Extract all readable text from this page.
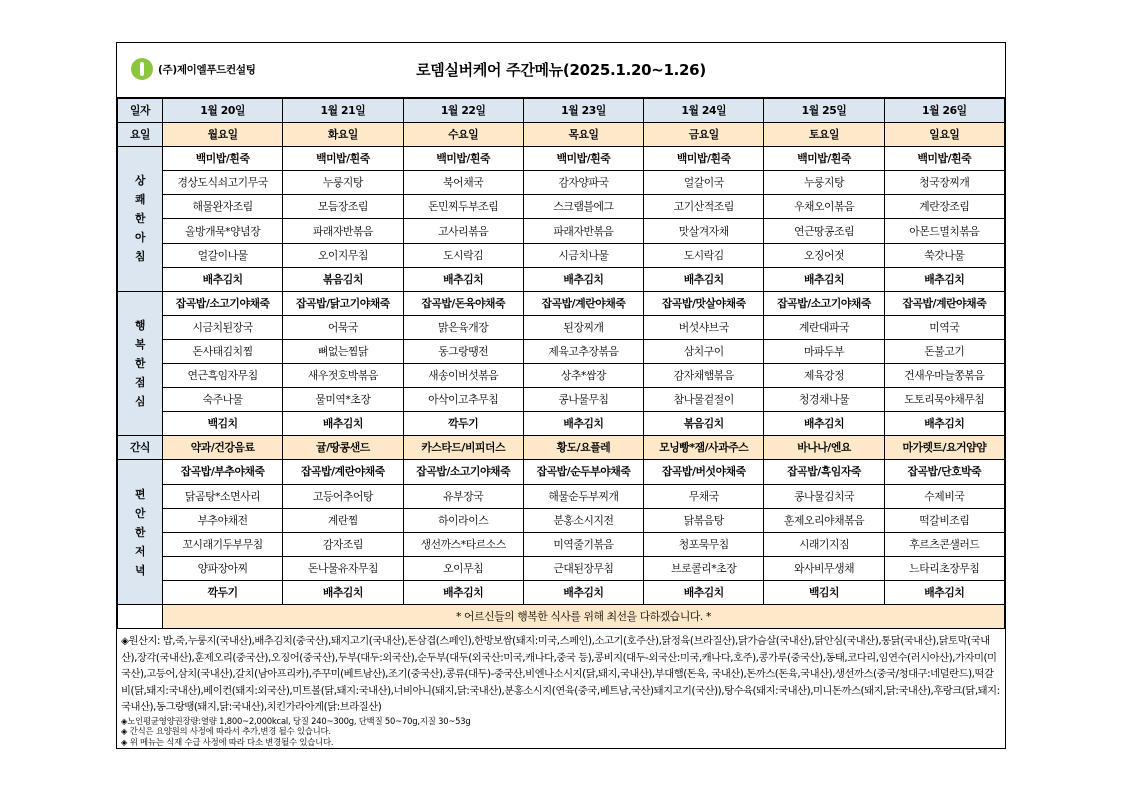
(주)제이엘푸드컨설팅	로뎀실버케어 주간메뉴(2025.1.20~1.26)
일자	1월 20일	1월 21일	1월 22일	1월 23일	1월 24일	1월 25일	1월 26일
요일	월요일	화요일	수요일	목요일	금요일	토요일	일요일
상
쾌
한
아
침	백미밥/흰죽	백미밥/흰죽	백미밥/흰죽	백미밥/흰죽	백미밥/흰죽	백미밥/흰죽	백미밥/흰죽
	경상도식쇠고기무국	누룽지탕	북어채국	감자양파국	얼갈이국	누룽지탕	청국장찌개
	해물완자조림	모듬장조림	돈민찌두부조림	스크램블에그	고기산적조림	우채오이볶음	계란장조림
	올방개묵*양념장	파래자반볶음	고사리볶음	파래자반볶음	맛살겨자채	연근땅콩조림	아몬드멸치볶음
	얼갈이나물	오이지무침	도시락김	시금치나물	도시락김	오징어젓	쑥갓나물
	배추김치	볶음김치	배추김치	배추김치	배추김치	배추김치	배추김치
행
복
한
점
심	잡곡밥/소고기야채죽	잡곡밥/닭고기야채죽	잡곡밥/돈육야채죽	잡곡밥/계란야채죽	잡곡밥/맛살야채죽	잡곡밥/소고기야채죽	잡곡밥/계란야채죽
	시금치된장국	어묵국	맑은육개장	된장찌개	버섯샤브국	계란대파국	미역국
	돈사태김치찜	뼈없는찜닭	동그랑땡전	제육고추장볶음	삼치구이	마파두부	돈불고기
	연근흑임자무침	새우젓호박볶음	새송이버섯볶음	상추*쌈장	감자채햄볶음	제육강정	건새우마늘쫑볶음
	숙주나물	물미역*초장	아삭이고추무침	콩나물무침	참나물겉절이	청경채나물	도토리묵야채무침
	백김치	배추김치	깍두기	배추김치	볶음김치	배추김치	배추김치
간식	약과/건강음료	귤/땅콩샌드	카스타드/비피더스	황도/요플레	모닝빵*잼/사과주스	바나나/엔요	마가렛트/요거얌얌
편
안
한
저
녁	잡곡밥/부추야채죽	잡곡밥/계란야채죽	잡곡밥/소고기야채죽	잡곡밥/순두부야채죽	잡곡밥/버섯야채죽	잡곡밥/흑임자죽	잡곡밥/단호박죽
	닭곰탕*소면사리	고등어추어탕	유부장국	해물순두부찌개	무채국	콩나물김치국	수제비국
	부추야채전	계란찜	하이라이스	분홍소시지전	닭볶음탕	훈제오리야채볶음	떡갈비조림
	꼬시래기두부무침	감자조림	생선까스*타르소스	미역줄기볶음	청포묵무침	시래기지짐	후르츠콘샐러드
	양파장아찌	돈나물유자무침	오이무침	근대된장무침	브로콜리*초장	와사비무생채	느타리초장무침
	깍두기	배추김치	배추김치	배추김치	배추김치	백김치	배추김치
	* 어르신들의 행복한 식사를 위해 최선을 다하겠습니다. *						
◈원산지: 밥,죽,누룽지(국내산),배추김치(중국산),돼지고기(국내산),돈삼겹(스페인),한방보쌈(돼지:미국,스페인),소고기(호주산),닭정육(브라질산),닭가슴살(국내산),닭안심(국내산),통닭(국내산),닭토막(국내산),장각(국내산),훈제오리(중국산),오징어(중국산),두부(대두:외국산),순두부(대두(외국산:미국,캐나다,중국 등),콩비지(대두-외국산:미국,캐나다,호주),콩가루(중국산),동태,코다리,임연수(러시아산),가자미(미국산),고등어,삼치(국내산),갈치(남아프리카),주꾸미(베트남산),조기(중국산),콩류(대두)-중국산,비엔나소시지(닭,돼지,국내산),부대햄(돈육, 국내산),돈까스(돈육,국내산),생선까스(중국/청대구:네덜란드),떡갈비(닭,돼지:국내산),베이컨(돼지:외국산),미트볼(닭,돼지:국내산),너비아니(돼지,닭:국내산),분홍소시지(연육(중국,베트남,국산)돼지고기(국산)),탕수육(돼지:국내산),미니돈까스(돼지,닭:국내산),후랑크(닭,돼지:국내산),동그랑땡(돼지,닭:국내산),치킨가라아게(닭:브라질산)
◈노인평균영양권장량:열량 1,800~2,000kcal, 당질 240~300g, 단백질 50~70g,지질 30~53g
◈ 간식은 요양원의 사정에 따라서 추가,변경 될수 있습니다.
◈ 위 메뉴는 식재 수급 사정에 따라 다소 변경될수 있습니다.
